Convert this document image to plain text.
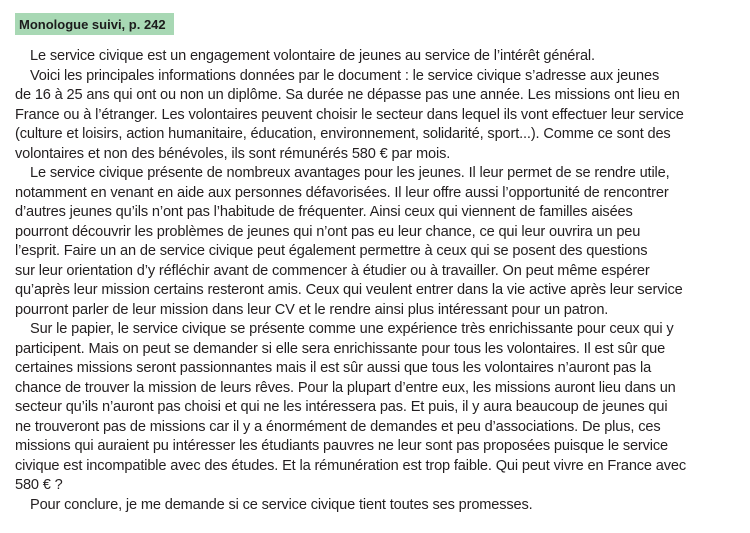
Monologue suivi, p. 242
Le service civique est un engagement volontaire de jeunes au service de l’intérêt général.
Voici les principales informations données par le document : le service civique s’adresse aux jeunes
de 16 à 25 ans qui ont ou non un diplôme. Sa durée ne dépasse pas une année. Les missions ont lieu en
France ou à l’étranger. Les volontaires peuvent choisir le secteur dans lequel ils vont effectuer leur service
(culture et loisirs, action humanitaire, éducation, environnement, solidarité, sport...). Comme ce sont des
volontaires et non des bénévoles, ils sont rémunérés 580 € par mois.
Le service civique présente de nombreux avantages pour les jeunes. Il leur permet de se rendre utile,
notamment en venant en aide aux personnes défavorisées. Il leur offre aussi l’opportunité de rencontrer
d’autres jeunes qu’ils n’ont pas l’habitude de fréquenter. Ainsi ceux qui viennent de familles aisées
pourront découvrir les problèmes de jeunes qui n’ont pas eu leur chance, ce qui leur ouvrira un peu
l’esprit. Faire un an de service civique peut également permettre à ceux qui se posent des questions
sur leur orientation d’y réfléchir avant de commencer à étudier ou à travailler. On peut même espérer
qu’après leur mission certains resteront amis. Ceux qui veulent entrer dans la vie active après leur service
pourront parler de leur mission dans leur CV et le rendre ainsi plus intéressant pour un patron.
Sur le papier, le service civique se présente comme une expérience très enrichissante pour ceux qui y
participent. Mais on peut se demander si elle sera enrichissante pour tous les volontaires. Il est sûr que
certaines missions seront passionnantes mais il est sûr aussi que tous les volontaires n’auront pas la
chance de trouver la mission de leurs rêves. Pour la plupart d’entre eux, les missions auront lieu dans un
secteur qu’ils n’auront pas choisi et qui ne les intéressera pas. Et puis, il y aura beaucoup de jeunes qui
ne trouveront pas de missions car il y a énormément de demandes et peu d’associations. De plus, ces
missions qui auraient pu intéresser les étudiants pauvres ne leur sont pas proposées puisque le service
civique est incompatible avec des études. Et la rémunération est trop faible. Qui peut vivre en France avec
580 € ?
Pour conclure, je me demande si ce service civique tient toutes ses promesses.
